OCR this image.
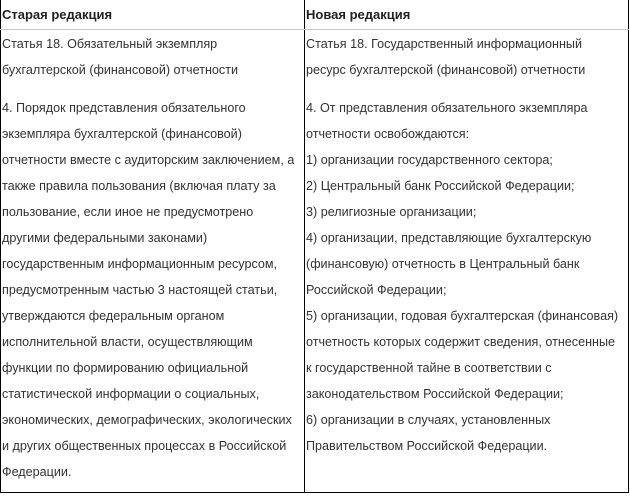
Старая редакция	Новая редакция
Статья 18. Обязательный экземпляр
бухгалтерской (финансовой) отчетности
4. Порядок представления обязательного
экземпляра бухгалтерской (финансовой)
отчетности вместе с аудиторским заключением, а
также правила пользования (включая плату за
пользование, если иное не предусмотрено
другими федеральными законами)
государственным информационным ресурсом,
предусмотренным частью 3 настоящей статьи,
утверждаются федеральным органом
исполнительной власти, осуществляющим
функции по формированию официальной
статистической информации о социальных,
экономических, демографических, экологических
и других общественных процессах в Российской
Федерации.
Статья 18. Государственный информационный
ресурс бухгалтерской (финансовой) отчетности
4. От представления обязательного экземпляра
отчетности освобождаются:
1) организации государственного сектора;
2) Центральный банк Российской Федерации;
3) религиозные организации;
4) организации, представляющие бухгалтерскую
(финансовую) отчетность в Центральный банк
Российской Федерации;
5) организации, годовая бухгалтерская (финансовая)
отчетность которых содержит сведения, отнесенные
к государственной тайне в соответствии с
законодательством Российской Федерации;
6) организации в случаях, установленных
Правительством Российской Федерации.
